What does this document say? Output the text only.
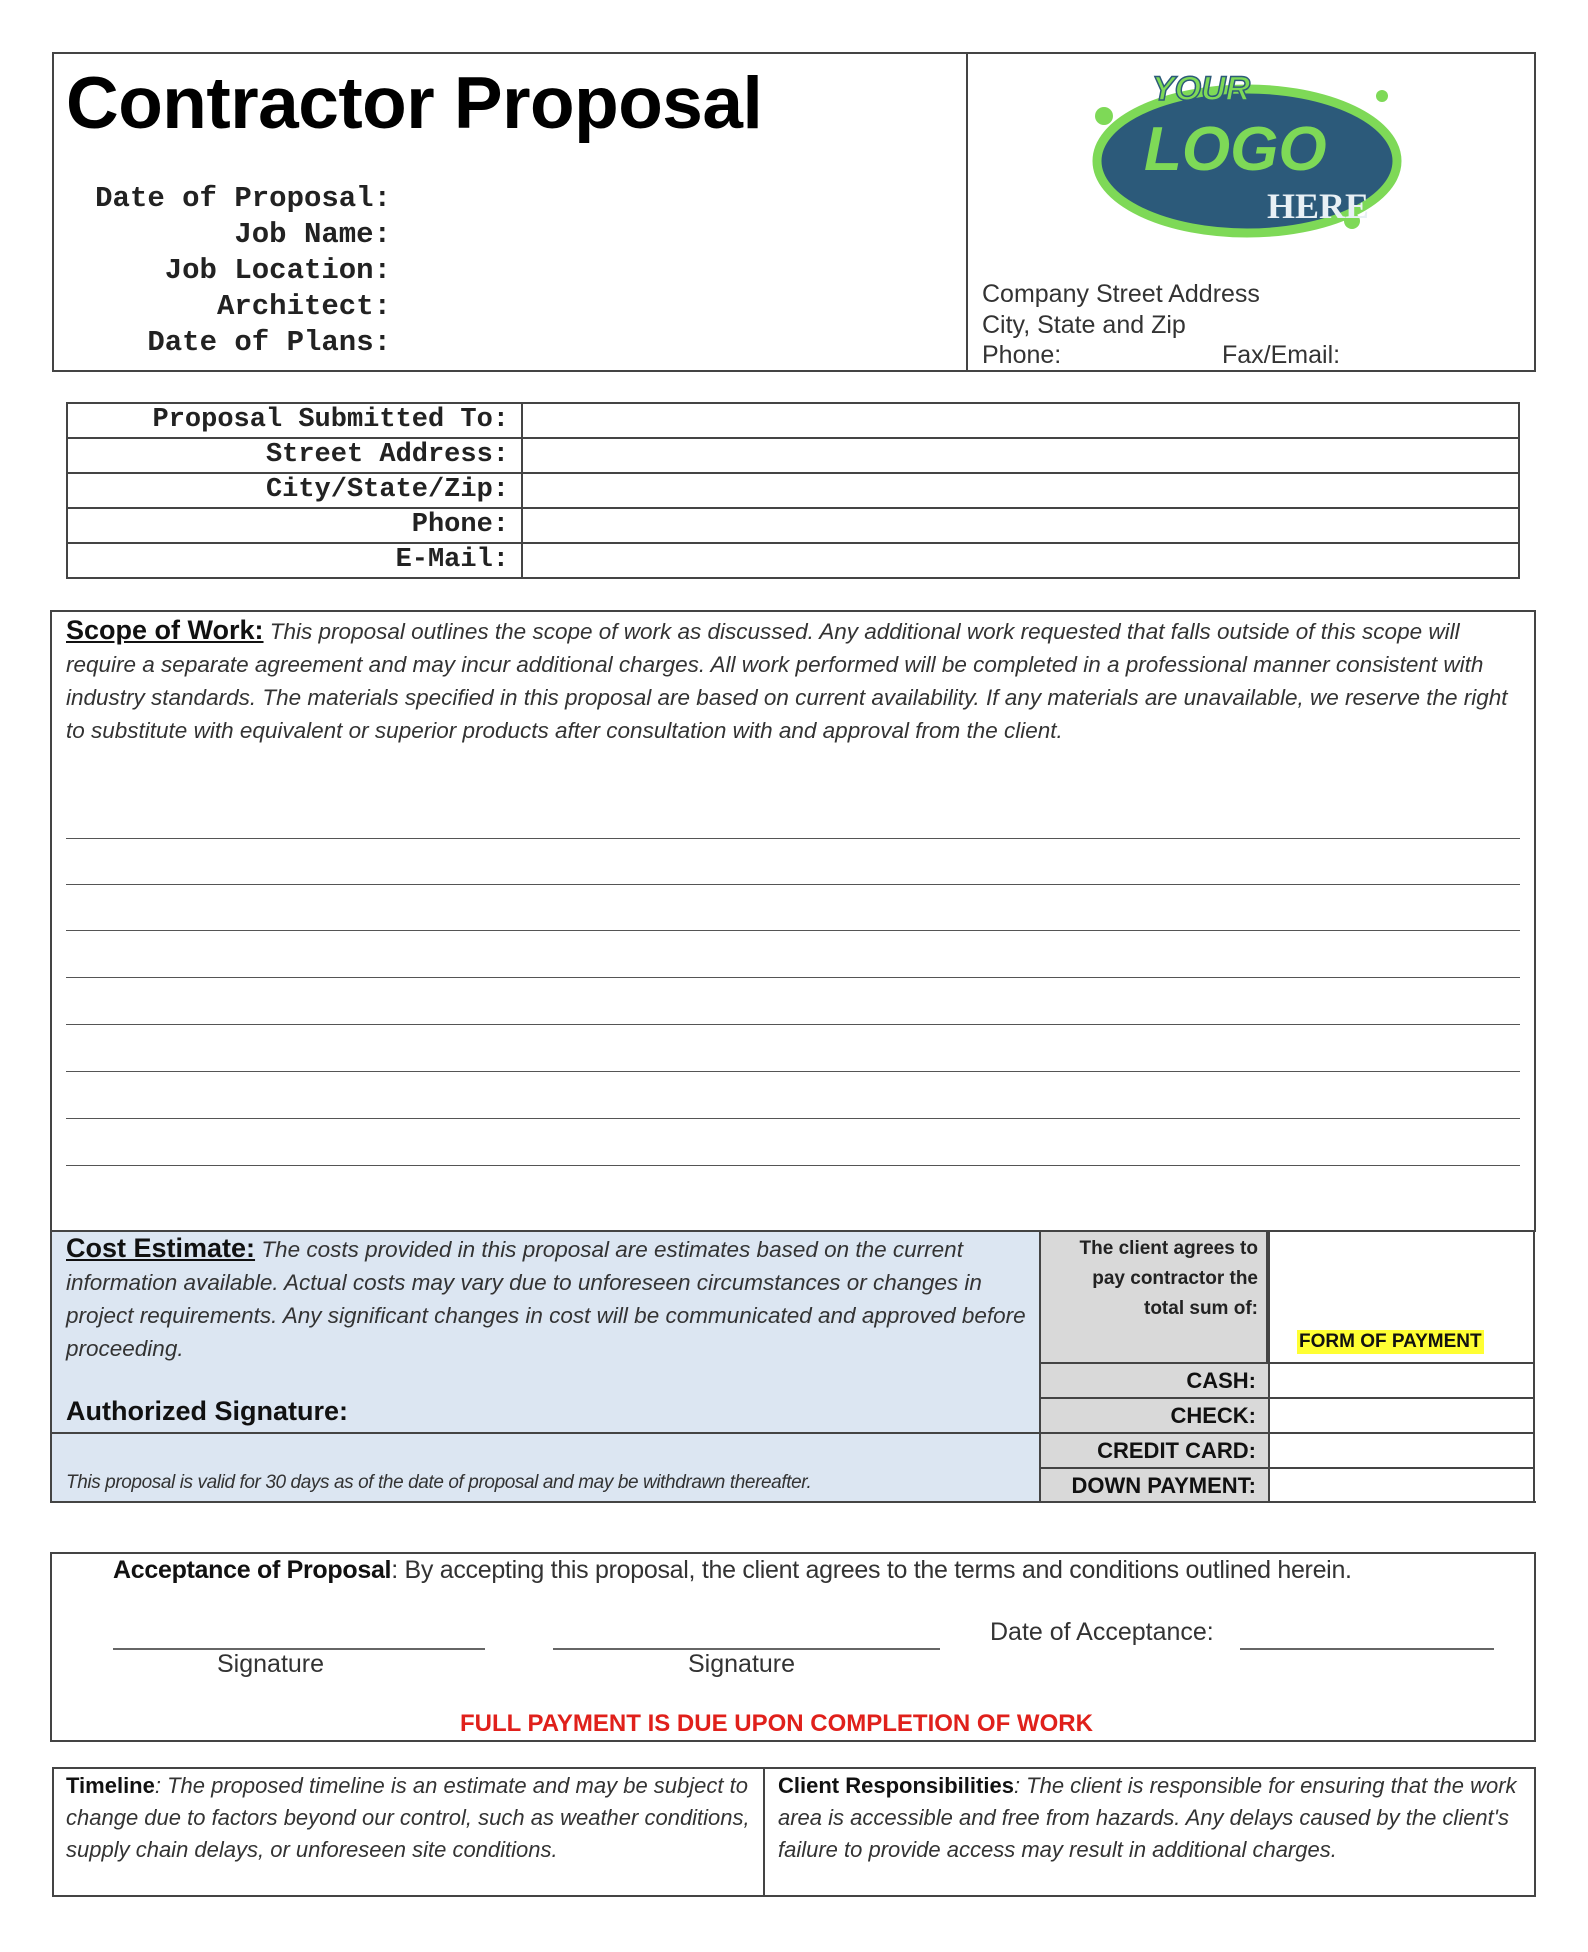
Contractor Proposal
Date of Proposal:
Job Name:
Job Location:
Architect:
Date of Plans:
YOUR
LOGO
HERE
Company Street Address
City, State and Zip
Phone:	Fax/Email:
Proposal Submitted To:
Street Address:
City/State/Zip:
Phone:
E-Mail:
Scope of Work: This proposal outlines the scope of work as discussed. Any additional work requested that falls outside of this scope will require a separate agreement and may incur additional charges. All work performed will be completed in a professional manner consistent with industry standards. The materials specified in this proposal are based on current availability. If any materials are unavailable, we reserve the right to substitute with equivalent or superior products after consultation with and approval from the client.
Cost Estimate: The costs provided in this proposal are estimates based on the current information available. Actual costs may vary due to unforeseen circumstances or changes in project requirements. Any significant changes in cost will be communicated and approved before proceeding.
Authorized Signature:
This proposal is valid for 30 days as of the date of proposal and may be withdrawn thereafter.
The client agrees to pay contractor the total sum of:
FORM OF PAYMENT
CASH:
CHECK:
CREDIT CARD:
DOWN PAYMENT:
Acceptance of Proposal: By accepting this proposal, the client agrees to the terms and conditions outlined herein.
Signature	Signature
Date of Acceptance:
FULL PAYMENT IS DUE UPON COMPLETION OF WORK
Timeline: The proposed timeline is an estimate and may be subject to change due to factors beyond our control, such as weather conditions, supply chain delays, or unforeseen site conditions.
Client Responsibilities: The client is responsible for ensuring that the work area is accessible and free from hazards. Any delays caused by the client's failure to provide access may result in additional charges.
